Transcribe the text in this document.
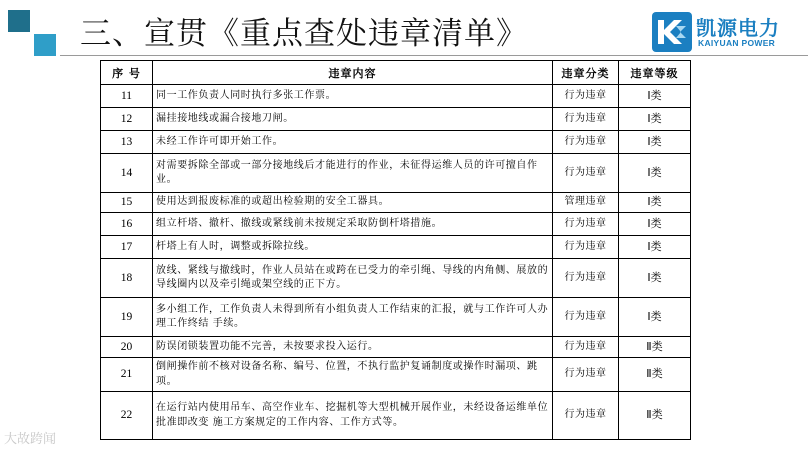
三、宣贯《重点查处违章清单》	凯源电力
KAIYUAN POWER
序 号	违章内容	违章分类	违章等级
11	同一工作负责人同时执行多张工作票。	行为违章	Ⅰ类
12	漏挂接地线或漏合接地刀闸。	行为违章	Ⅰ类
13	未经工作许可即开始工作。	行为违章	Ⅰ类
14	对需要拆除全部或一部分接地线后才能进行的作业，未征得运维人员的许可擅自作业。	行为违章	Ⅰ类
15	使用达到报废标准的或超出检验期的安全工器具。	管理违章	Ⅰ类
16	组立杆塔、撤杆、撤线或紧线前未按规定采取防倒杆塔措施。	行为违章	Ⅰ类
17	杆塔上有人时，调整或拆除拉线。	行为违章	Ⅰ类
18	放线、紧线与撤线时，作业人员站在或跨在已受力的牵引绳、导线的内角侧、展放的导线圈内以及牵引绳或架空线的正下方。	行为违章	Ⅰ类
19	多小组工作，工作负责人未得到所有小组负责人工作结束的汇报，就与工作许可人办理工作终结 手续。	行为违章	Ⅰ类
20	防误闭锁装置功能不完善，未按要求投入运行。	行为违章	Ⅱ类
21	倒闸操作前不核对设备名称、编号、位置，不执行监护复诵制度或操作时漏项、跳项。	行为违章	Ⅱ类
22	在运行站内使用吊车、高空作业车、挖掘机等大型机械开展作业，未经设备运维单位批准即改变 施工方案规定的工作内容、工作方式等。	行为违章	Ⅱ类
大故跨闻
